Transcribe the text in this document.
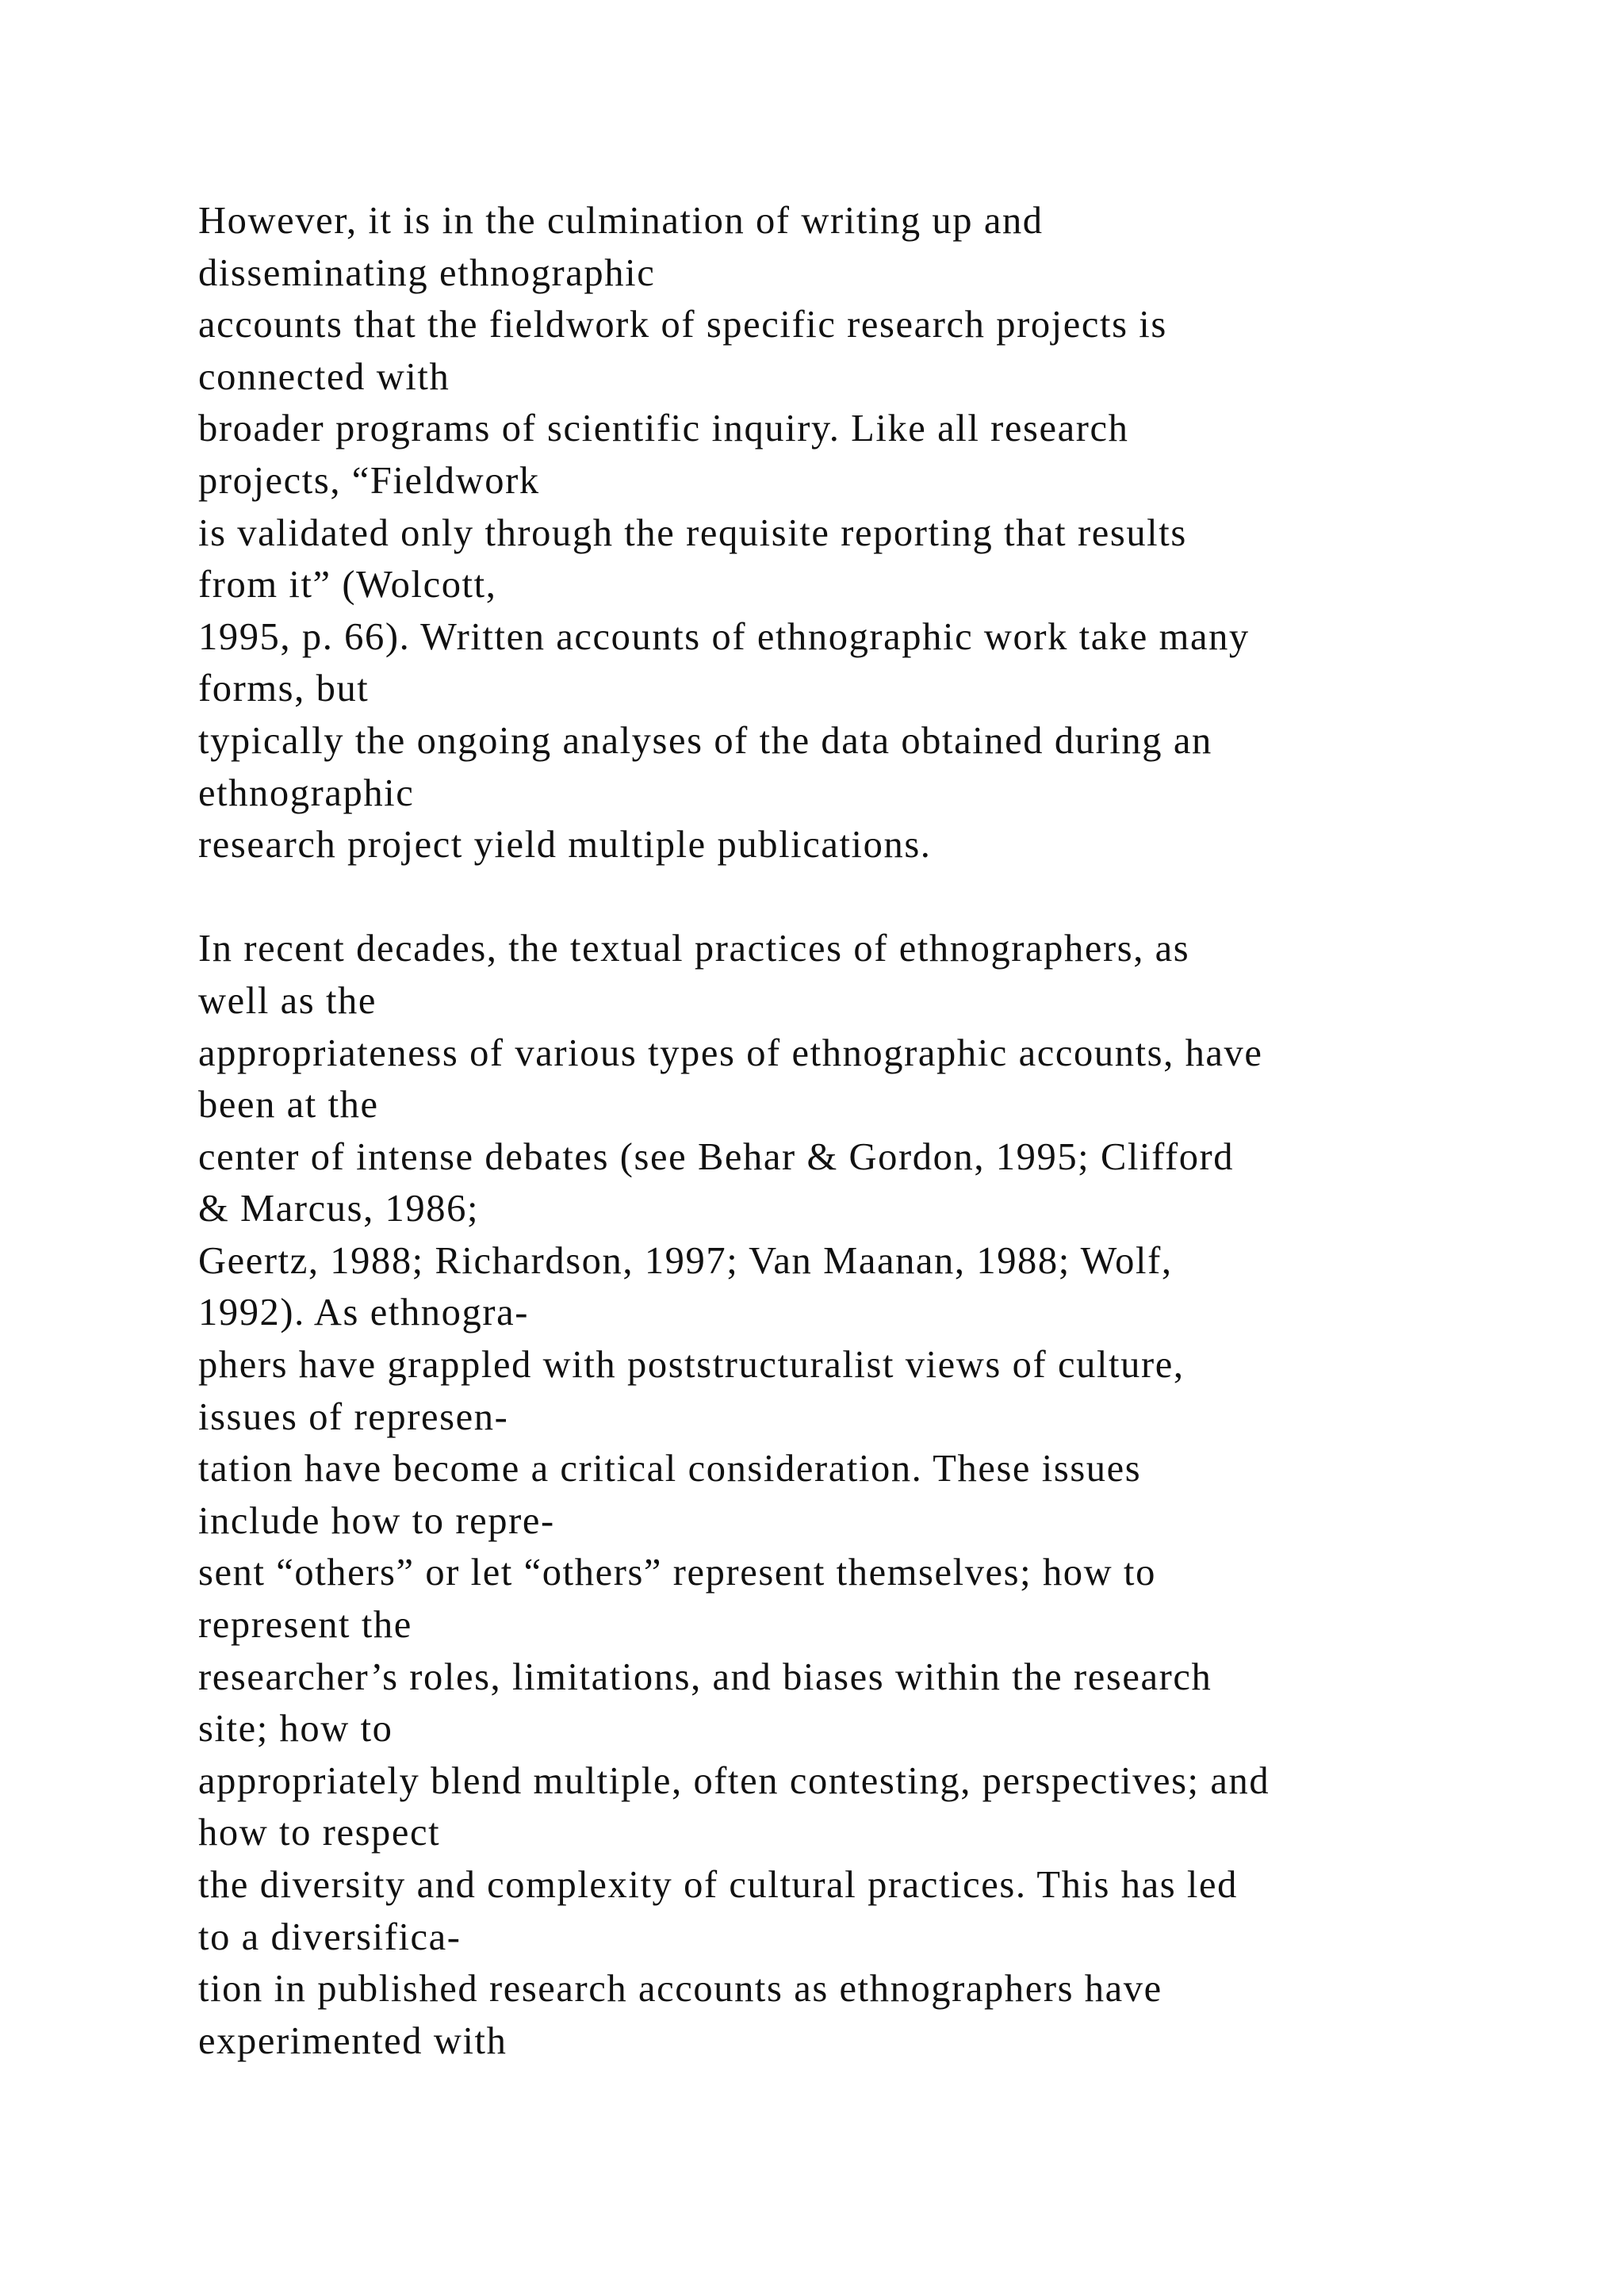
However, it is in the culmination of writing up and
disseminating ethnographic
accounts that the fieldwork of specific research projects is
connected with
broader programs of scientific inquiry. Like all research
projects, “Fieldwork
is validated only through the requisite reporting that results
from it” (Wolcott,
1995, p. 66). Written accounts of ethnographic work take many
forms, but
typically the ongoing analyses of the data obtained during an
ethnographic
research project yield multiple publications.
In recent decades, the textual practices of ethnographers, as
well as the
appropriateness of various types of ethnographic accounts, have
been at the
center of intense debates (see Behar & Gordon, 1995; Clifford
& Marcus, 1986;
Geertz, 1988; Richardson, 1997; Van Maanan, 1988; Wolf,
1992). As ethnogra-
phers have grappled with poststructuralist views of culture,
issues of represen-
tation have become a critical consideration. These issues
include how to repre-
sent “others” or let “others” represent themselves; how to
represent the
researcher’s roles, limitations, and biases within the research
site; how to
appropriately blend multiple, often contesting, perspectives; and
how to respect
the diversity and complexity of cultural practices. This has led
to a diversifica-
tion in published research accounts as ethnographers have
experimented with
